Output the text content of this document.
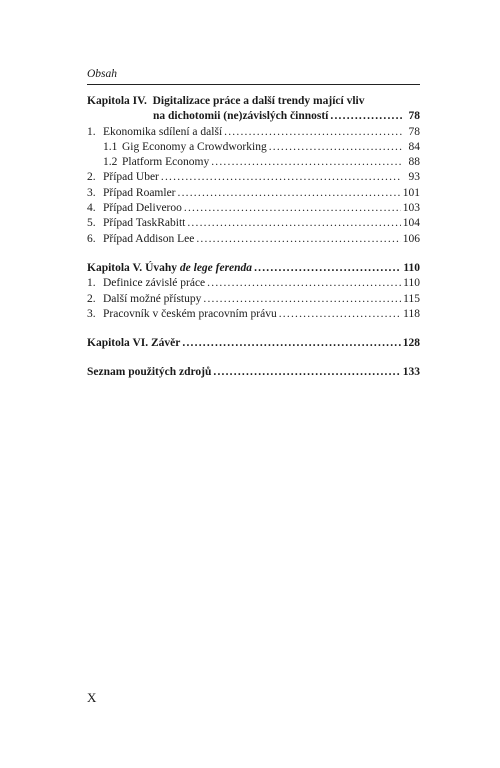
Obsah
Kapitola IV. Digitalizace práce a další trendy mající vliv
na dichotomii (ne)závislých činností .....	78
1. Ekonomika sdílení a další .....	78
1.1 Gig Economy a Crowdworking .....	84
1.2 Platform Economy .....	88
2. Případ Uber .....	93
3. Případ Roamler .....	101
4. Případ Deliveroo .....	103
5. Případ TaskRabitt .....	104
6. Případ Addison Lee .....	106
Kapitola V.
Úvahy
de lege ferenda .....	110
1. Definice závislé práce .....	110
2. Další možné přístupy .....	115
3. Pracovník v českém pracovním právu .....	118
Kapitola VI.
Závěr .....	128
Seznam použitých zdrojů .....	133
X
